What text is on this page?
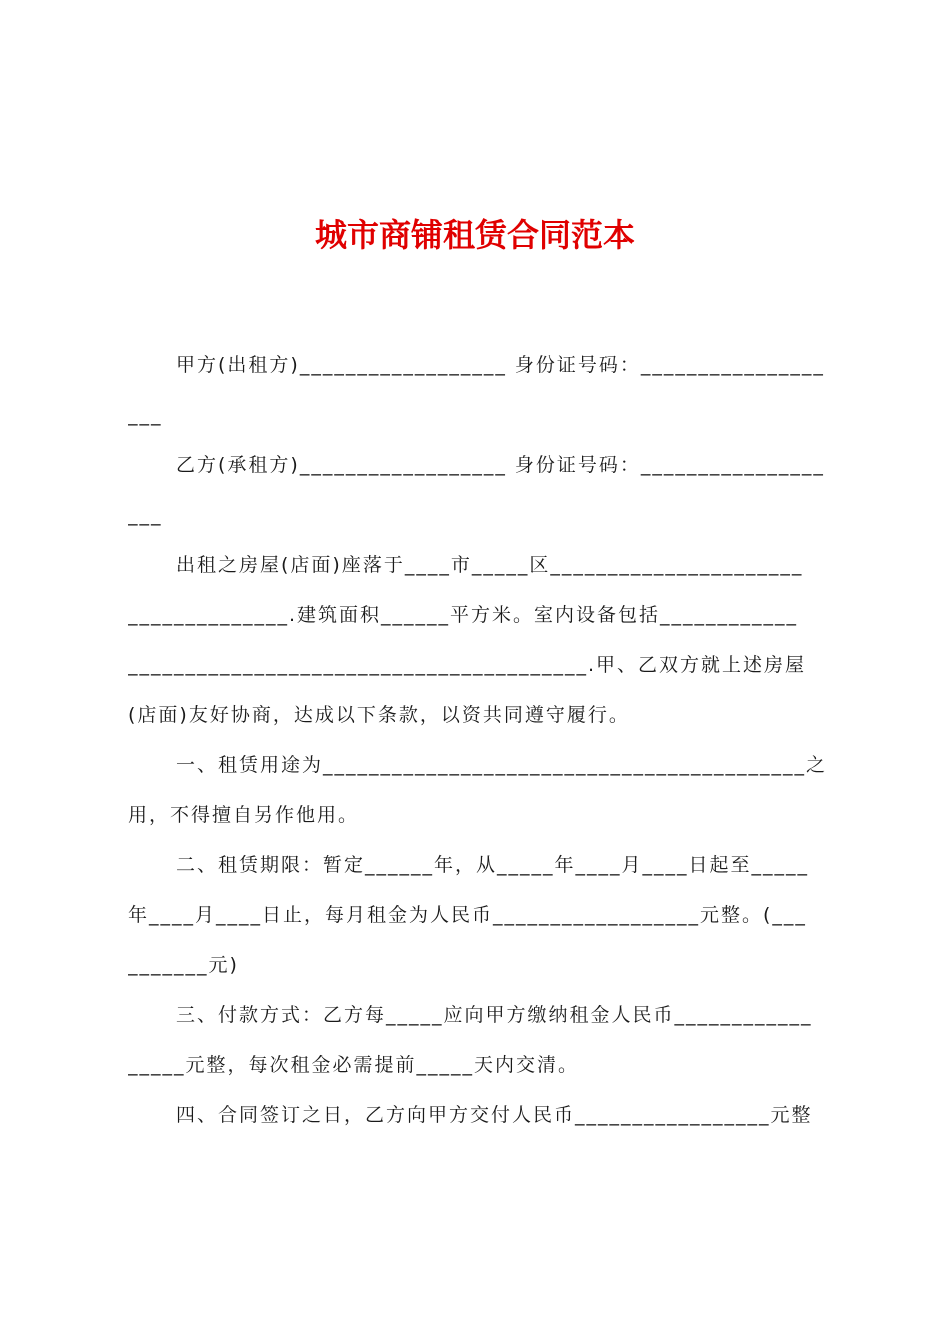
城市商铺租赁合同范本
甲方(出租方)__________________ 身份证号码：________________
___
乙方(承租方)__________________ 身份证号码：________________
___
出租之房屋(店面)座落于____市_____区______________________
______________.建筑面积______平方米。室内设备包括____________
________________________________________.甲、乙双方就上述房屋
(店面)友好协商，达成以下条款，以资共同遵守履行。
一、租赁用途为__________________________________________之
用，不得擅自另作他用。
二、租赁期限：暂定______年，从_____年____月____日起至_____
年____月____日止，每月租金为人民币__________________元整。(___
_______元)
三、付款方式：乙方每_____应向甲方缴纳租金人民币____________
_____元整，每次租金必需提前_____天内交清。
四、合同签订之日，乙方向甲方交付人民币_________________元整
